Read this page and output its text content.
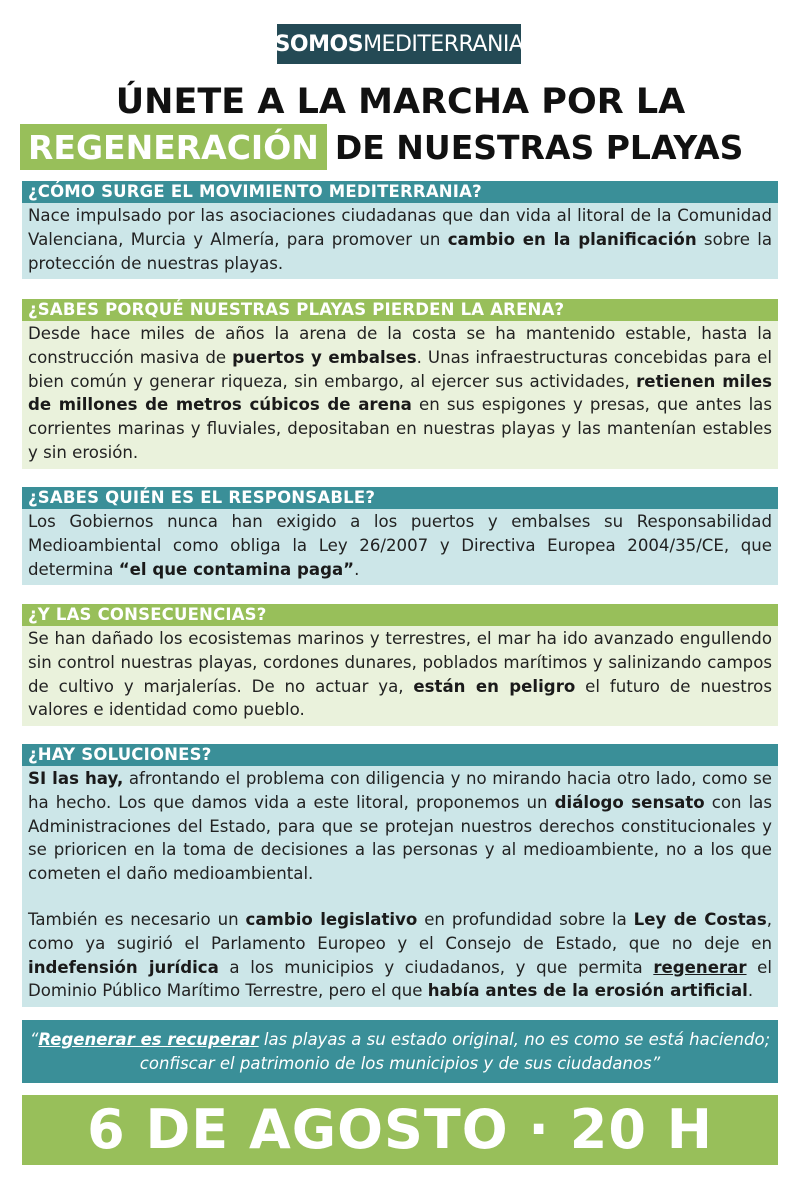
SOMOS MEDITERRANIA
ÚNETE A LA MARCHA POR LA
REGENERACIÓN DE NUESTRAS PLAYAS
¿CÓMO SURGE EL MOVIMIENTO MEDITERRANIA?

Nace impulsado por las asociaciones ciudadanas que dan vida al litoral de la Comunidad Valenciana, Murcia y Almería, para promover un cambio en la planificación sobre la protección de nuestras playas.

¿SABES PORQUÉ NUESTRAS PLAYAS PIERDEN LA ARENA?

Desde hace miles de años la arena de la costa se ha mantenido estable, hasta la construcción masiva de puertos y embalses. Unas infraestructuras concebidas para el bien común y generar riqueza, sin embargo, al ejercer sus actividades, retienen miles de millones de metros cúbicos de arena en sus espigones y presas, que antes las corrientes marinas y fluviales, depositaban en nuestras playas y las mantenían estables y sin erosión.

¿SABES QUIÉN ES EL RESPONSABLE?

Los Gobiernos nunca han exigido a los puertos y embalses su Responsabilidad Medioambiental como obliga la Ley 26/2007 y Directiva Europea 2004/35/CE, que determina “el que contamina paga”.

¿Y LAS CONSECUENCIAS?

Se han dañado los ecosistemas marinos y terrestres, el mar ha ido avanzado engullendo sin control nuestras playas, cordones dunares, poblados marítimos y salinizando campos de cultivo y marjalerías. De no actuar ya, están en peligro el futuro de nuestros valores e identidad como pueblo.

¿HAY SOLUCIONES?

SI las hay, afrontando el problema con diligencia y no mirando hacia otro lado, como se ha hecho. Los que damos vida a este litoral, proponemos un diálogo sensato con las Administraciones del Estado, para que se protejan nuestros derechos constitucionales y se prioricen en la toma de decisiones a las personas y al medioambiente, no a los que cometen el daño medioambiental.

También es necesario un cambio legislativo en profundidad sobre la Ley de Costas, como ya sugirió el Parlamento Europeo y el Consejo de Estado, que no deje en indefensión jurídica a los municipios y ciudadanos, y que permita regenerar el Dominio Público Marítimo Terrestre, pero el que había antes de la erosión artificial.

“Regenerar es recuperar las playas a su estado original, no es como se está haciendo; confiscar el patrimonio de los municipios y de sus ciudadanos”
6 DE AGOSTO · 20 H
